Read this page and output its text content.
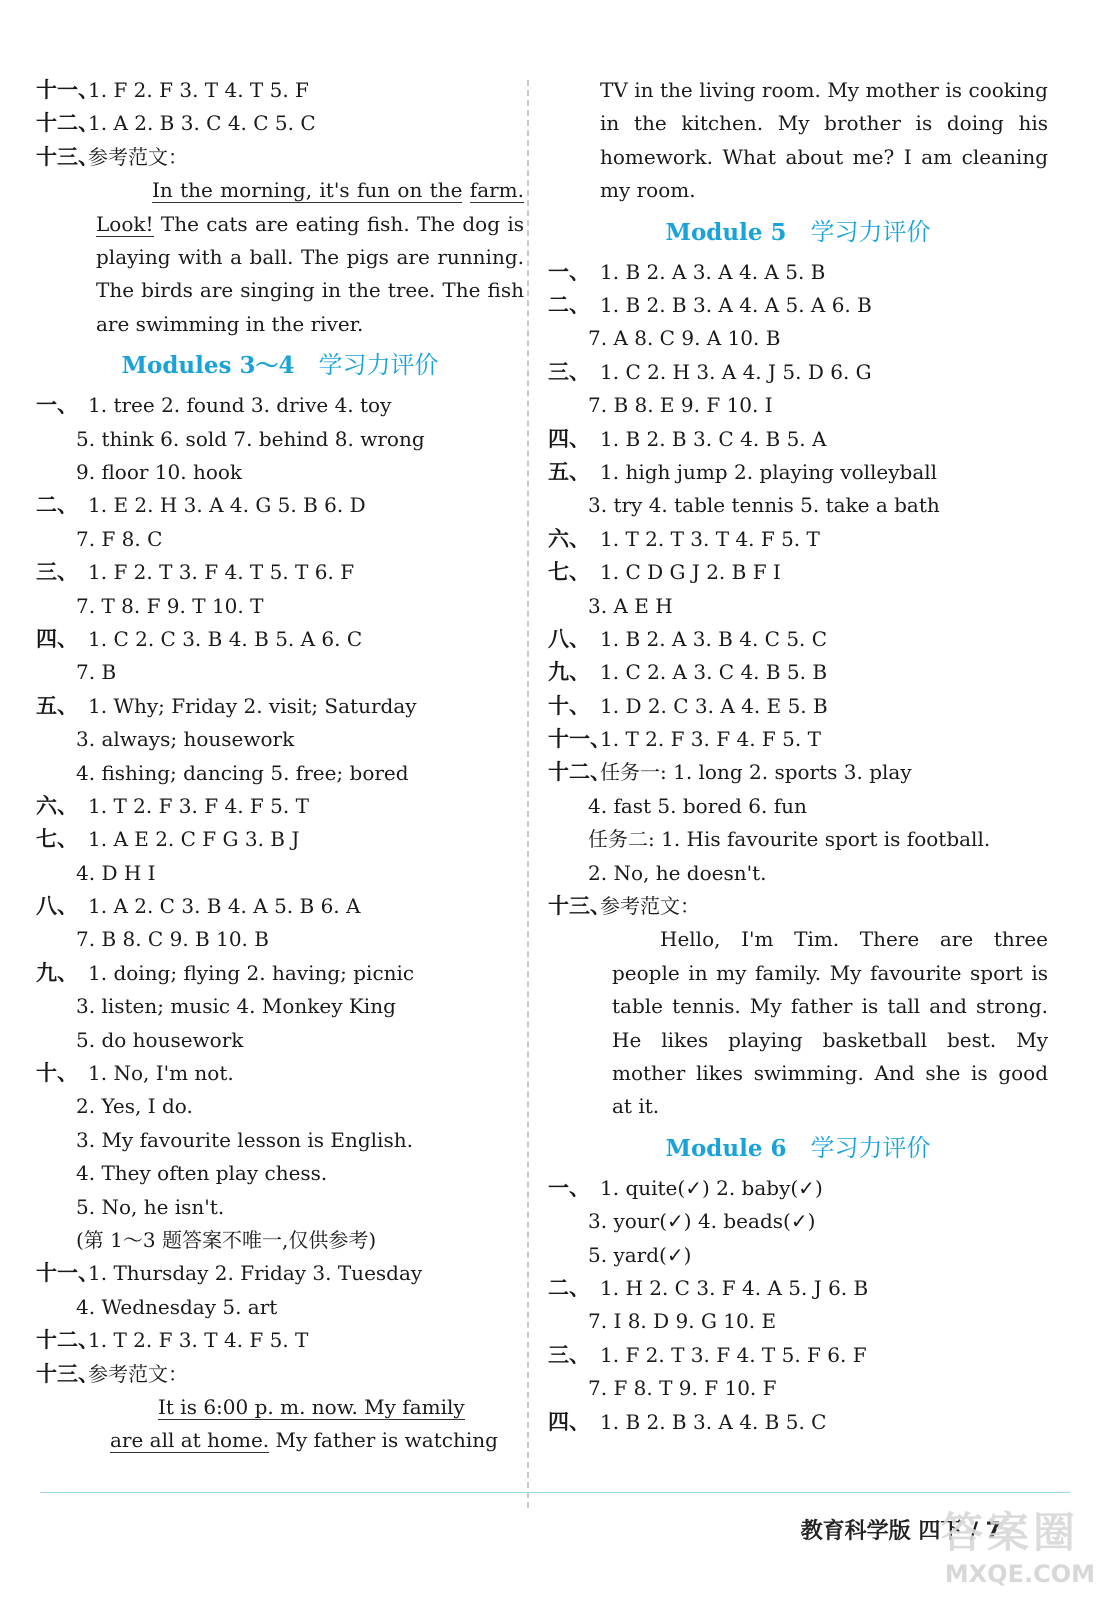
十一、
1. F 2. F 3. T 4. T 5. F
十二、
1. A 2. B 3. C 4. C 5. C
十三、
参考范文：
In the morning, it's fun on the farm. Look! The cats are eating fish. The dog is playing with a ball. The pigs are running. The birds are singing in the tree. The fish are swimming in the river.
Modules 3～4 学习力评价
一、 1. tree 2. found 3. drive 4. toy
5. think 6. sold 7. behind 8. wrong
9. floor 10. hook
二、 1. E 2. H 3. A 4. G 5. B 6. D
7. F 8. C
三、 1. F 2. T 3. F 4. T 5. T 6. F
7. T 8. F 9. T 10. T
四、 1. C 2. C 3. B 4. B 5. A 6. C
7. B
五、 1. Why; Friday 2. visit; Saturday
3. always; housework
4. fishing; dancing 5. free; bored
六、 1. T 2. F 3. F 4. F 5. T
七、 1. A E 2. C F G 3. B J
4. D H I
八、 1. A 2. C 3. B 4. A 5. B 6. A
7. B 8. C 9. B 10. B
九、 1. doing; flying 2. having; picnic
3. listen; music 4. Monkey King
5. do housework
十、 1. No, I'm not.
2. Yes, I do.
3. My favourite lesson is English.
4. They often play chess.
5. No, he isn't.
(第 1～3 题答案不唯一,仅供参考)
十一、
1. Thursday 2. Friday 3. Tuesday
4. Wednesday 5. art
十二、
1. T 2. F 3. T 4. F 5. T
十三、
参考范文：
It is 6:00 p. m. now. My family
are all at home. My father is watching
TV in the living room. My mother is cooking in the kitchen. My brother is doing his homework. What about me? I am cleaning my room.
Module 5 学习力评价
一、 1. B 2. A 3. A 4. A 5. B
二、 1. B 2. B 3. A 4. A 5. A 6. B
7. A 8. C 9. A 10. B
三、 1. C 2. H 3. A 4. J 5. D 6. G
7. B 8. E 9. F 10. I
四、 1. B 2. B 3. C 4. B 5. A
五、 1. high jump 2. playing volleyball
3. try 4. table tennis 5. take a bath
六、 1. T 2. T 3. T 4. F 5. T
七、 1. C D G J 2. B F I
3. A E H
八、 1. B 2. A 3. B 4. C 5. C
九、 1. C 2. A 3. C 4. B 5. B
十、 1. D 2. C 3. A 4. E 5. B
十一、
1. T 2. F 3. F 4. F 5. T
十二、
任务一: 1. long 2. sports 3. play
4. fast 5. bored 6. fun
任务二: 1. His favourite sport is football.
2. No, he doesn't.
十三、
参考范文：
Hello, I'm Tim. There are three people in my family. My favourite sport is table tennis. My father is tall and strong. He likes playing basketball best. My mother likes swimming. And she is good at it.
Module 6 学习力评价
一、 1. quite(✓) 2. baby(✓)
3. your(✓) 4. beads(✓)
5. yard(✓)
二、 1. H 2. C 3. F 4. A 5. J 6. B
7. I 8. D 9. G 10. E
三、 1. F 2. T 3. F 4. T 5. F 6. F
7. F 8. T 9. F 10. F
四、 1. B 2. B 3. A 4. B 5. C
教育科学版 四下 / 7
答案圈
MXQE.COM
